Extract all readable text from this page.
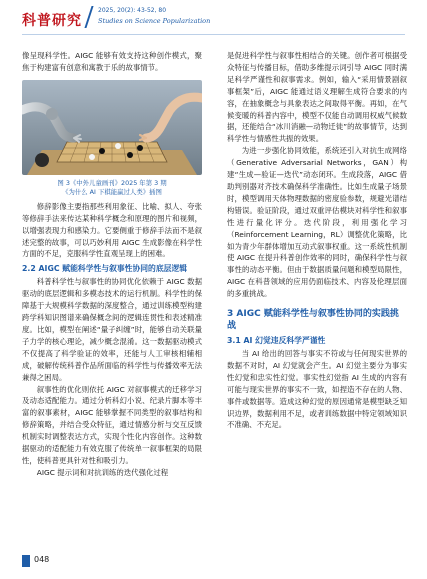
科普研究
2025, 20(2): 43-52, 80
Studies on Science Popularization

像呈现科学性。AIGC 能够有效支持这种创作模式，聚焦于构建富有创意和寓教于乐的故事情节。

图 3《中外儿童画刊》2025 年第 3 期
《为什么 AI 下棋能赢过人类》插图

修辞影像主要指那些利用象征、比喻、拟人、夸张等修辞手法来传达某种科学概念和原理的图片和视频，以增强表现力和感染力。它要侧重于修辞手法而不是叙述完整的故事，可以巧妙利用 AIGC 生成影像在科学性方面的不足，克服科学性直观呈现上的困难。

2.2 AIGC 赋能科学性与叙事性协同的底层逻辑

科普科学性与叙事性的协同优化依赖于 AIGC 数据驱动的底层逻辑和多模态技术的运行机制。科学性的保障基于大规模科学数据的深度整合，通过训练模型构建跨学科知识图谱来确保概念间的逻辑连贯性和表述精准度。比如，模型在阐述“量子纠缠”时，能够自动关联量子力学的核心理论，减少概念混淆。这一数据驱动模式不仅提高了科学验证的效率，还能与人工审核相辅相成，破解传统科普作品所面临的科学性与传播效率无法兼得之困局。

叙事性的优化则依托 AIGC 对叙事模式的迁移学习及动态适配能力。通过分析科幻小说、纪录片脚本等丰富的叙事素材，AIGC 能够掌握不同类型的叙事结构和修辞策略，并结合受众特征，通过情感分析与交互反馈机制实时调整表达方式，实现个性化内容创作。这种数据驱动的适配能力有效克服了传统单一叙事框架的局限性，使科普更具针对性和吸引力。

AIGC 提示词和对抗训练的迭代强化过程

是促进科学性与叙事性相结合的关键。创作者可根据受众特征与传播目标，借助多维提示词引导 AIGC 同时满足科学严谨性和叙事需求。例如，输入“采用情景剧叙事框架”后，AIGC 能通过语义理解生成符合要求的内容，在抽象概念与具象表达之间取得平衡。再如，在气候变暖的科普内容中，模型不仅能自动调用权威气候数据，还能结合“冰川消融—动物迁徙”的故事情节，达到科学性与情感性共振的效果。

为进一步强化协同效能，系统还引入对抗生成网络（Generative Adversarial Networks，GAN）构建“生成—验证—迭代”动态闭环。生成段落，AIGC 借助判别器对齐技术确保科学准确性。比如生成量子场景时，模型调用天体物理数据的密度验参数，规避光谱结构错误。验证阶段，通过双重评估模块对科学性和叙事性进行量化评分。迭代阶段，利用强化学习（Reinforcement Learning，RL）调整优化策略，比如为青少年群体增加互动式叙事权重。这一系统性机制使 AIGC 在提升科普创作效率的同时，确保科学性与叙事性的动态平衡。但由于数据质量问题和模型局限性，AIGC 在科普领域的应用仍面临技术、内容及伦理层面的多重挑战。

3 AIGC 赋能科学性与叙事性协同的实践挑战
3.1 AI 幻觉违反科学严谨性

当 AI 给出的回答与事实不符或与任何现实世界的数据不对时，AI 幻觉就会产生。AI 幻觉主要分为事实性幻觉和忠实性幻觉。事实性幻觉指 AI 生成的内容有可能与现实世界的事实不一致，如捏造不存在的人物、事件或数据等。造成这种幻觉的原因通常是模型缺乏知识边界，数据利用不足，或者训练数据中特定领域知识不准确、不充足。

048
